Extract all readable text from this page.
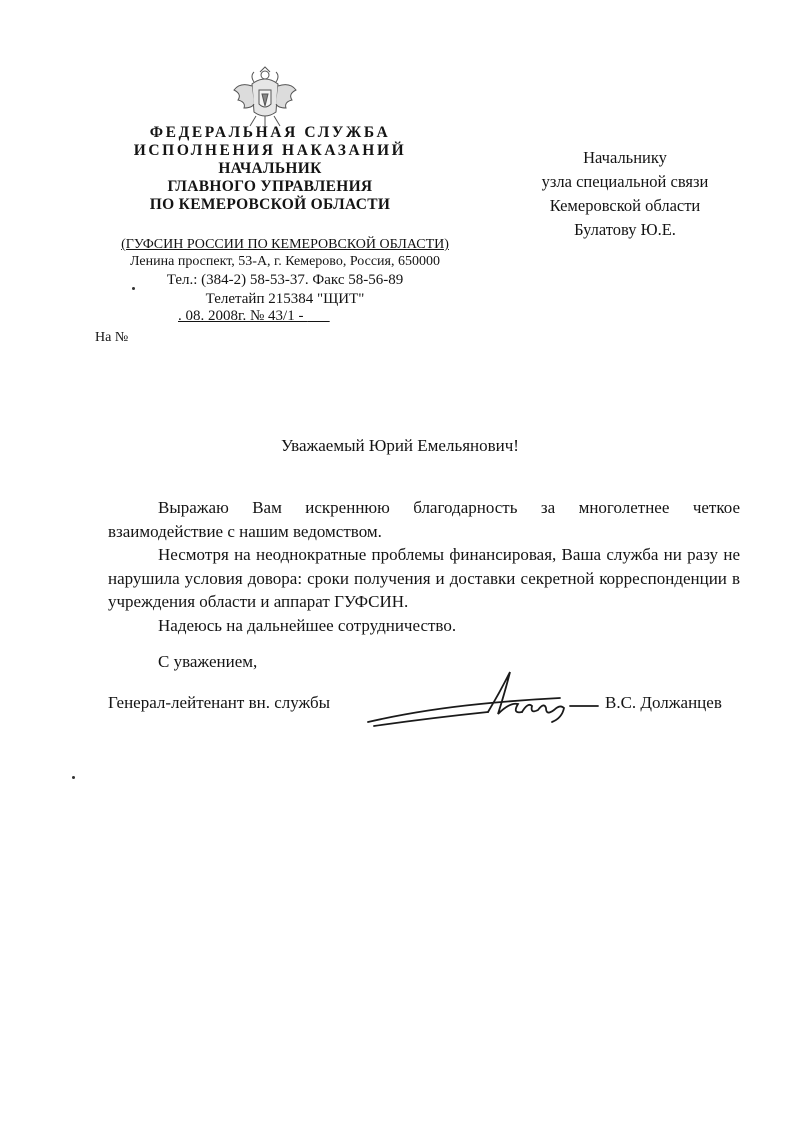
ФЕДЕРАЛЬНАЯ СЛУЖБА
ИСПОЛНЕНИЯ НАКАЗАНИЙ
НАЧАЛЬНИК
ГЛАВНОГО УПРАВЛЕНИЯ
ПО КЕМЕРОВСКОЙ ОБЛАСТИ
(ГУФСИН РОССИИ ПО КЕМЕРОВСКОЙ ОБЛАСТИ)
Ленина проспект, 53-А, г. Кемерово, Россия, 650000
Тел.: (384-2) 58-53-37. Факс 58-56-89
Телетайп 215384 "ЩИТ"
. 08. 2008г. № 43/1 -
На №
Начальнику
узла специальной связи
Кемеровской области
Булатову Ю.Е.
Уважаемый Юрий Емельянович!

Выражаю Вам искреннюю благодарность за многолетнее четкое взаимодействие с нашим ведомством.

Несмотря на неоднократные проблемы финансировая, Ваша служба ни разу не нарушила условия довора: сроки получения и доставки секретной корреспонденции в учреждения области и аппарат ГУФСИН.

Надеюсь на дальнейшее сотрудничество.

С уважением,
Генерал-лейтенант вн. службы	В.С. Должанцев
